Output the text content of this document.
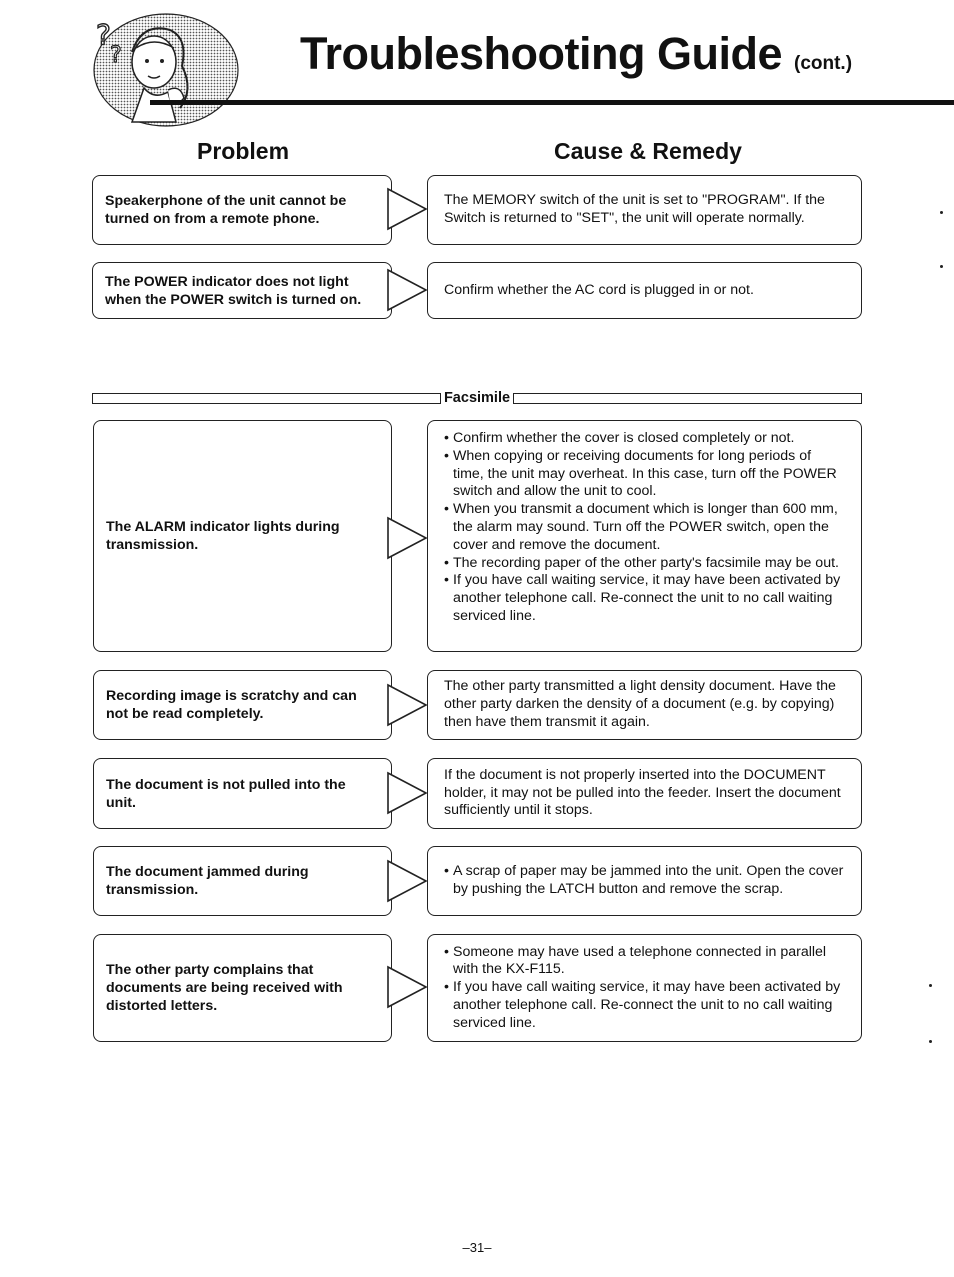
?
?	Troubleshooting Guide (cont.)
Problem	Cause & Remedy
Speakerphone of the unit cannot be turned on from a remote phone.
The MEMORY switch of the unit is set to "PROGRAM". If the Switch is returned to "SET", the unit will operate normally.
The POWER indicator does not light when the POWER switch is turned on.
Confirm whether the AC cord is plugged in or not.
Facsimile
The ALARM indicator lights during transmission.
• Confirm whether the cover is closed completely or not.
• When copying or receiving documents for long periods of time, the unit may overheat. In this case, turn off the POWER switch and allow the unit to cool.
• When you transmit a document which is longer than 600 mm, the alarm may sound. Turn off the POWER switch, open the cover and remove the document.
• The recording paper of the other party's facsimile may be out.
• If you have call waiting service, it may have been activated by another telephone call. Re-connect the unit to no call waiting serviced line.
Recording image is scratchy and can not be read completely.
The other party transmitted a light density document. Have the other party darken the density of a document (e.g. by copying) then have them transmit it again.
The document is not pulled into the unit.
If the document is not properly inserted into the DOCUMENT holder, it may not be pulled into the feeder. Insert the document sufficiently until it stops.
The document jammed during transmission.
• A scrap of paper may be jammed into the unit. Open the cover by pushing the LATCH button and remove the scrap.
The other party complains that documents are being received with distorted letters.
• Someone may have used a telephone connected in parallel with the KX-F115.
• If you have call waiting service, it may have been activated by another telephone call. Re-connect the unit to no call waiting serviced line.
–31–
